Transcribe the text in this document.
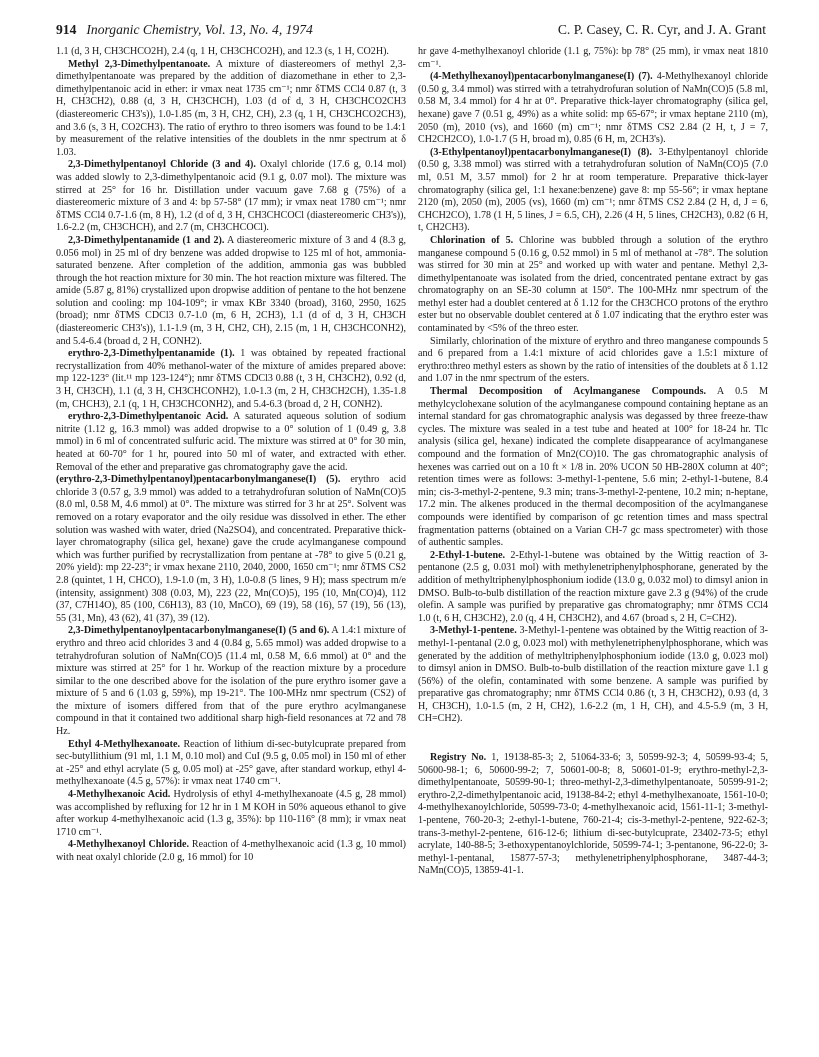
914 Inorganic Chemistry, Vol. 13, No. 4, 1974	C. P. Casey, C. R. Cyr, and J. A. Grant

1.1 (d, 3 H, CH3CHCO2H), 2.4 (q, 1 H, CH3CHCO2H), and 12.3 (s, 1 H, CO2H).

Methyl 2,3-Dimethylpentanoate. A mixture of diastereomers of methyl 2,3-dimethylpentanoate was prepared by the addition of diazomethane in ether to 2,3-dimethylpentanoic acid in ether: ir νmax neat 1735 cm⁻¹; nmr δTMS CCl4 0.87 (t, 3 H, CH3CH2), 0.88 (d, 3 H, CH3CHCH), 1.03 (d of d, 3 H, CH3CHCO2CH3 (diastereomeric CH3's)), 1.0-1.85 (m, 3 H, CH2, CH), 2.3 (q, 1 H, CH3CHCO2CH3), and 3.6 (s, 3 H, CO2CH3). The ratio of erythro to threo isomers was found to be 1.4:1 by measurement of the relative intensities of the doublets in the nmr spectrum at δ 1.03.

2,3-Dimethylpentanoyl Chloride (3 and 4). Oxalyl chloride (17.6 g, 0.14 mol) was added slowly to 2,3-dimethylpentanoic acid (9.1 g, 0.07 mol). The mixture was stirred at 25° for 16 hr. Distillation under vacuum gave 7.68 g (75%) of a diastereomeric mixture of 3 and 4: bp 57-58° (17 mm); ir νmax neat 1780 cm⁻¹; nmr δTMS CCl4 0.7-1.6 (m, 8 H), 1.2 (d of d, 3 H, CH3CHCOCl (diastereomeric CH3's)), 1.6-2.2 (m, CH3CHCH), and 2.7 (m, CH3CHCOCl).

2,3-Dimethylpentanamide (1 and 2). A diastereomeric mixture of 3 and 4 (8.3 g, 0.056 mol) in 25 ml of dry benzene was added dropwise to 125 ml of hot, ammonia-saturated benzene. After completion of the addition, ammonia gas was bubbled through the hot reaction mixture for 30 min. The hot reaction mixture was filtered. The amide (5.87 g, 81%) crystallized upon dropwise addition of pentane to the hot benzene solution and cooling: mp 104-109°; ir νmax KBr 3340 (broad), 3160, 2950, 1625 (broad); nmr δTMS CDCl3 0.7-1.0 (m, 6 H, 2CH3), 1.1 (d of d, 3 H, CH3CH (diastereomeric CH3's)), 1.1-1.9 (m, 3 H, CH2, CH), 2.15 (m, 1 H, CH3CHCONH2), and 5.4-6.4 (broad d, 2 H, CONH2).

erythro-2,3-Dimethylpentanamide (1). 1 was obtained by repeated fractional recrystallization from 40% methanol-water of the mixture of amides prepared above: mp 122-123° (lit.¹¹ mp 123-124°); nmr δTMS CDCl3 0.88 (t, 3 H, CH3CH2), 0.92 (d, 3 H, CH3CH), 1.1 (d, 3 H, CH3CHCONH2), 1.0-1.3 (m, 2 H, CH3CH2CH), 1.35-1.8 (m, CHCH3), 2.1 (q, 1 H, CH3CHCONH2), and 5.4-6.3 (broad d, 2 H, CONH2).

erythro-2,3-Dimethylpentanoic Acid. A saturated aqueous solution of sodium nitrite (1.12 g, 16.3 mmol) was added dropwise to a 0° solution of 1 (0.49 g, 3.8 mmol) in 6 ml of concentrated sulfuric acid. The mixture was stirred at 0° for 30 min, heated at 60-70° for 1 hr, poured into 50 ml of water, and extracted with ether. Removal of the ether and preparative gas chromatography gave the acid.

(erythro-2,3-Dimethylpentanoyl)pentacarbonylmanganese(I) (5). erythro acid chloride 3 (0.57 g, 3.9 mmol) was added to a tetrahydrofuran solution of NaMn(CO)5 (8.0 ml, 0.58 M, 4.6 mmol) at 0°. The mixture was stirred for 3 hr at 25°. Solvent was removed on a rotary evaporator and the oily residue was dissolved in ether. The ether solution was washed with water, dried (Na2SO4), and concentrated. Preparative thick-layer chromatography (silica gel, hexane) gave the crude acylmanganese compound which was further purified by recrystallization from pentane at -78° to give 5 (0.21 g, 20% yield): mp 22-23°; ir νmax hexane 2110, 2040, 2000, 1650 cm⁻¹; nmr δTMS CS2 2.8 (quintet, 1 H, CHCO), 1.9-1.0 (m, 3 H), 1.0-0.8 (5 lines, 9 H); mass spectrum m/e (intensity, assignment) 308 (0.03, M), 223 (22, Mn(CO)5), 195 (10, Mn(CO)4), 112 (37, C7H14O), 85 (100, C6H13), 83 (10, MnCO), 69 (19), 58 (16), 57 (19), 56 (13), 55 (31, Mn), 43 (62), 41 (37), 39 (12).

2,3-Dimethylpentanoylpentacarbonylmanganese(I) (5 and 6). A 1.4:1 mixture of erythro and threo acid chlorides 3 and 4 (0.84 g, 5.65 mmol) was added dropwise to a tetrahydrofuran solution of NaMn(CO)5 (11.4 ml, 0.58 M, 6.6 mmol) at 0° and the mixture was stirred at 25° for 1 hr. Workup of the reaction mixture by a procedure similar to the one described above for the isolation of the pure erythro isomer gave a mixture of 5 and 6 (1.03 g, 59%), mp 19-21°. The 100-MHz nmr spectrum (CS2) of the mixture of isomers differed from that of the pure erythro acylmanganese compound in that it contained two additional sharp high-field resonances at 72 and 78 Hz.

Ethyl 4-Methylhexanoate. Reaction of lithium di-sec-butylcuprate prepared from sec-butyllithium (91 ml, 1.1 M, 0.10 mol) and CuI (9.5 g, 0.05 mol) in 150 ml of ether at -25° and ethyl acrylate (5 g, 0.05 mol) at -25° gave, after standard workup, ethyl 4-methylhexanoate (4.5 g, 57%): ir νmax neat 1740 cm⁻¹.

4-Methylhexanoic Acid. Hydrolysis of ethyl 4-methylhexanoate (4.5 g, 28 mmol) was accomplished by refluxing for 12 hr in 1 M KOH in 50% aqueous ethanol to give after workup 4-methylhexanoic acid (1.3 g, 35%): bp 110-116° (8 mm); ir νmax neat 1710 cm⁻¹.

4-Methylhexanoyl Chloride. Reaction of 4-methylhexanoic acid (1.3 g, 10 mmol) with neat oxalyl chloride (2.0 g, 16 mmol) for 10

hr gave 4-methylhexanoyl chloride (1.1 g, 75%): bp 78° (25 mm), ir νmax neat 1810 cm⁻¹.

(4-Methylhexanoyl)pentacarbonylmanganese(I) (7). 4-Methylhexanoyl chloride (0.50 g, 3.4 mmol) was stirred with a tetrahydrofuran solution of NaMn(CO)5 (5.8 ml, 0.58 M, 3.4 mmol) for 4 hr at 0°. Preparative thick-layer chromatography (silica gel, hexane) gave 7 (0.51 g, 49%) as a white solid: mp 65-67°; ir νmax heptane 2110 (m), 2050 (m), 2010 (vs), and 1660 (m) cm⁻¹; nmr δTMS CS2 2.84 (2 H, t, J = 7, CH2CH2CO), 1.0-1.7 (5 H, broad m), 0.85 (6 H, m, 2CH3's).

(3-Ethylpentanoyl)pentacarbonylmanganese(I) (8). 3-Ethylpentanoyl chloride (0.50 g, 3.38 mmol) was stirred with a tetrahydrofuran solution of NaMn(CO)5 (7.0 ml, 0.51 M, 3.57 mmol) for 2 hr at room temperature. Preparative thick-layer chromatography (silica gel, 1:1 hexane:benzene) gave 8: mp 55-56°; ir νmax heptane 2120 (m), 2050 (m), 2005 (vs), 1660 (m) cm⁻¹; nmr δTMS CS2 2.84 (2 H, d, J = 6, CHCH2CO), 1.78 (1 H, 5 lines, J = 6.5, CH), 2.26 (4 H, 5 lines, CH2CH3), 0.82 (6 H, t, CH2CH3).

Chlorination of 5. Chlorine was bubbled through a solution of the erythro manganese compound 5 (0.16 g, 0.52 mmol) in 5 ml of methanol at -78°. The solution was stirred for 30 min at 25° and worked up with water and pentane. Methyl 2,3-dimethylpentanoate was isolated from the dried, concentrated pentane extract by gas chromatography on an SE-30 column at 150°. The 100-MHz nmr spectrum of the methyl ester had a doublet centered at δ 1.12 for the CH3CHCO protons of the erythro ester but no observable doublet centered at δ 1.07 indicating that the erythro ester was contaminated by <5% of the threo ester.

Similarly, chlorination of the mixture of erythro and threo manganese compounds 5 and 6 prepared from a 1.4:1 mixture of acid chlorides gave a 1.5:1 mixture of erythro:threo methyl esters as shown by the ratio of intensities of the doublets at δ 1.12 and 1.07 in the nmr spectrum of the esters.

Thermal Decomposition of Acylmanganese Compounds. A 0.5 M methylcyclohexane solution of the acylmanganese compound containing heptane as an internal standard for gas chromatographic analysis was degassed by three freeze-thaw cycles. The mixture was sealed in a test tube and heated at 100° for 18-24 hr. Tlc analysis (silica gel, hexane) indicated the complete disappearance of acylmanganese compound and the formation of Mn2(CO)10. The gas chromatographic analysis of hexenes was carried out on a 10 ft × 1/8 in. 20% UCON 50 HB-280X column at 40°; retention times were as follows: 3-methyl-1-pentene, 5.6 min; 2-ethyl-1-butene, 8.4 min; cis-3-methyl-2-pentene, 9.3 min; trans-3-methyl-2-pentene, 10.2 min; n-heptane, 17.2 min. The alkenes produced in the thermal decomposition of the acylmanganese compounds were identified by comparison of gc retention times and mass spectral fragmentation patterns (obtained on a Varian CH-7 gc mass spectrometer) with those of authentic samples.

2-Ethyl-1-butene. 2-Ethyl-1-butene was obtained by the Wittig reaction of 3-pentanone (2.5 g, 0.031 mol) with methylenetriphenylphosphorane, generated by the addition of methyltriphenylphosphonium iodide (13.0 g, 0.032 mol) to dimsyl anion in DMSO. Bulb-to-bulb distillation of the reaction mixture gave 2.3 g (94%) of the crude olefin. A sample was purified by preparative gas chromatography; nmr δTMS CCl4 1.0 (t, 6 H, CH3CH2), 2.0 (q, 4 H, CH3CH2), and 4.67 (broad s, 2 H, C=CH2).

3-Methyl-1-pentene. 3-Methyl-1-pentene was obtained by the Wittig reaction of 3-methyl-1-pentanal (2.0 g, 0.023 mol) with methylenetriphenylphosphorane, which was generated by the addition of methyltriphenylphosphonium iodide (13.0 g, 0.023 mol) to dimsyl anion in DMSO. Bulb-to-bulb distillation of the reaction mixture gave 1.1 g (56%) of the olefin, contaminated with some benzene. A sample was purified by preparative gas chromatography; nmr δTMS CCl4 0.86 (t, 3 H, CH3CH2), 0.93 (d, 3 H, CH3CH), 1.0-1.5 (m, 2 H, CH2), 1.6-2.2 (m, 1 H, CH), and 4.5-5.9 (m, 3 H, CH=CH2).

Registry No. 1, 19138-85-3; 2, 51064-33-6; 3, 50599-92-3; 4, 50599-93-4; 5, 50600-98-1; 6, 50600-99-2; 7, 50601-00-8; 8, 50601-01-9; erythro-methyl-2,3-dimethylpentanoate, 50599-90-1; threo-methyl-2,3-dimethylpentanoate, 50599-91-2; erythro-2,2-dimethylpentanoic acid, 19138-84-2; ethyl 4-methylhexanoate, 1561-10-0; 4-methylhexanoylchloride, 50599-73-0; 4-methylhexanoic acid, 1561-11-1; 3-methyl-1-pentene, 760-20-3; 2-ethyl-1-butene, 760-21-4; cis-3-methyl-2-pentene, 922-62-3; trans-3-methyl-2-pentene, 616-12-6; lithium di-sec-butylcuprate, 23402-73-5; ethyl acrylate, 140-88-5; 3-ethoxypentanoylchloride, 50599-74-1; 3-pentanone, 96-22-0; 3-methyl-1-pentanal, 15877-57-3; methylenetriphenylphosphorane, 3487-44-3; NaMn(CO)5, 13859-41-1.
